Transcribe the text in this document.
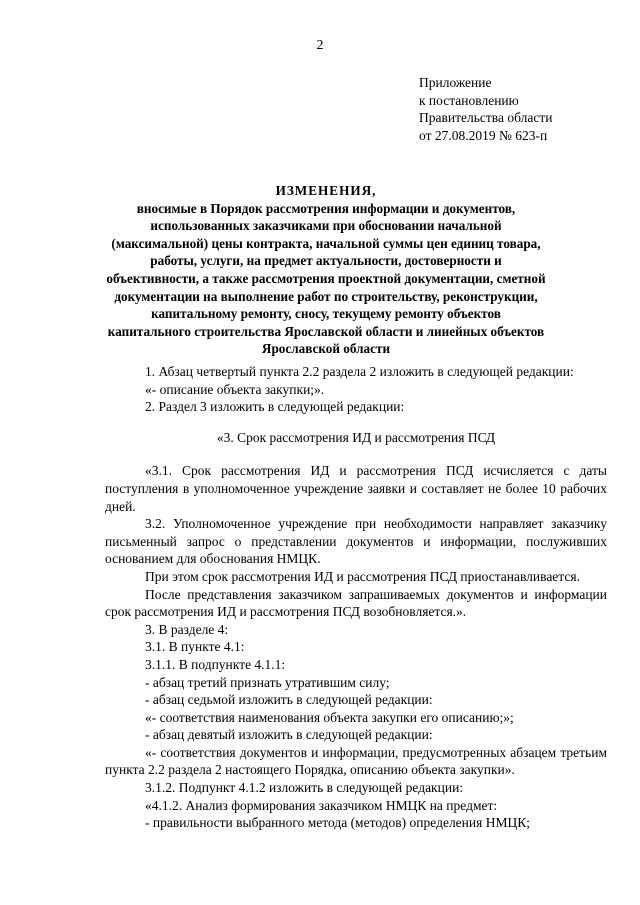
2
Приложение
к постановлению
Правительства области
от 27.08.2019 № 623-п
ИЗМЕНЕНИЯ,
вносимые в Порядок рассмотрения информации и документов,
использованных заказчиками при обосновании начальной
(максимальной) цены контракта, начальной суммы цен единиц товара,
работы, услуги, на предмет актуальности, достоверности и
объективности, а также рассмотрения проектной документации, сметной
документации на выполнение работ по строительству, реконструкции,
капитальному ремонту, сносу, текущему ремонту объектов
капитального строительства Ярославской области и линейных объектов
Ярославской области

1. Абзац четвертый пункта 2.2 раздела 2 изложить в следующей редакции:

«- описание объекта закупки;».

2. Раздел 3 изложить в следующей редакции:

«3. Срок рассмотрения ИД и рассмотрения ПСД

«3.1. Срок рассмотрения ИД и рассмотрения ПСД исчисляется с даты поступления в уполномоченное учреждение заявки и составляет не более 10 рабочих дней.

3.2. Уполномоченное учреждение при необходимости направляет заказчику письменный запрос о представлении документов и информации, послуживших основанием для обоснования НМЦК.

При этом срок рассмотрения ИД и рассмотрения ПСД приостанавливается.

После представления заказчиком запрашиваемых документов и информации срок рассмотрения ИД и рассмотрения ПСД возобновляется.».

3. В разделе 4:

3.1. В пункте 4.1:

3.1.1. В подпункте 4.1.1:

- абзац третий признать утратившим силу;

- абзац седьмой изложить в следующей редакции:

«- соответствия наименования объекта закупки его описанию;»;

- абзац девятый изложить в следующей редакции:

«- соответствия документов и информации, предусмотренных абзацем третьим пункта 2.2 раздела 2 настоящего Порядка, описанию объекта закупки».

3.1.2. Подпункт 4.1.2 изложить в следующей редакции:

«4.1.2. Анализ формирования заказчиком НМЦК на предмет:

- правильности выбранного метода (методов) определения НМЦК;
